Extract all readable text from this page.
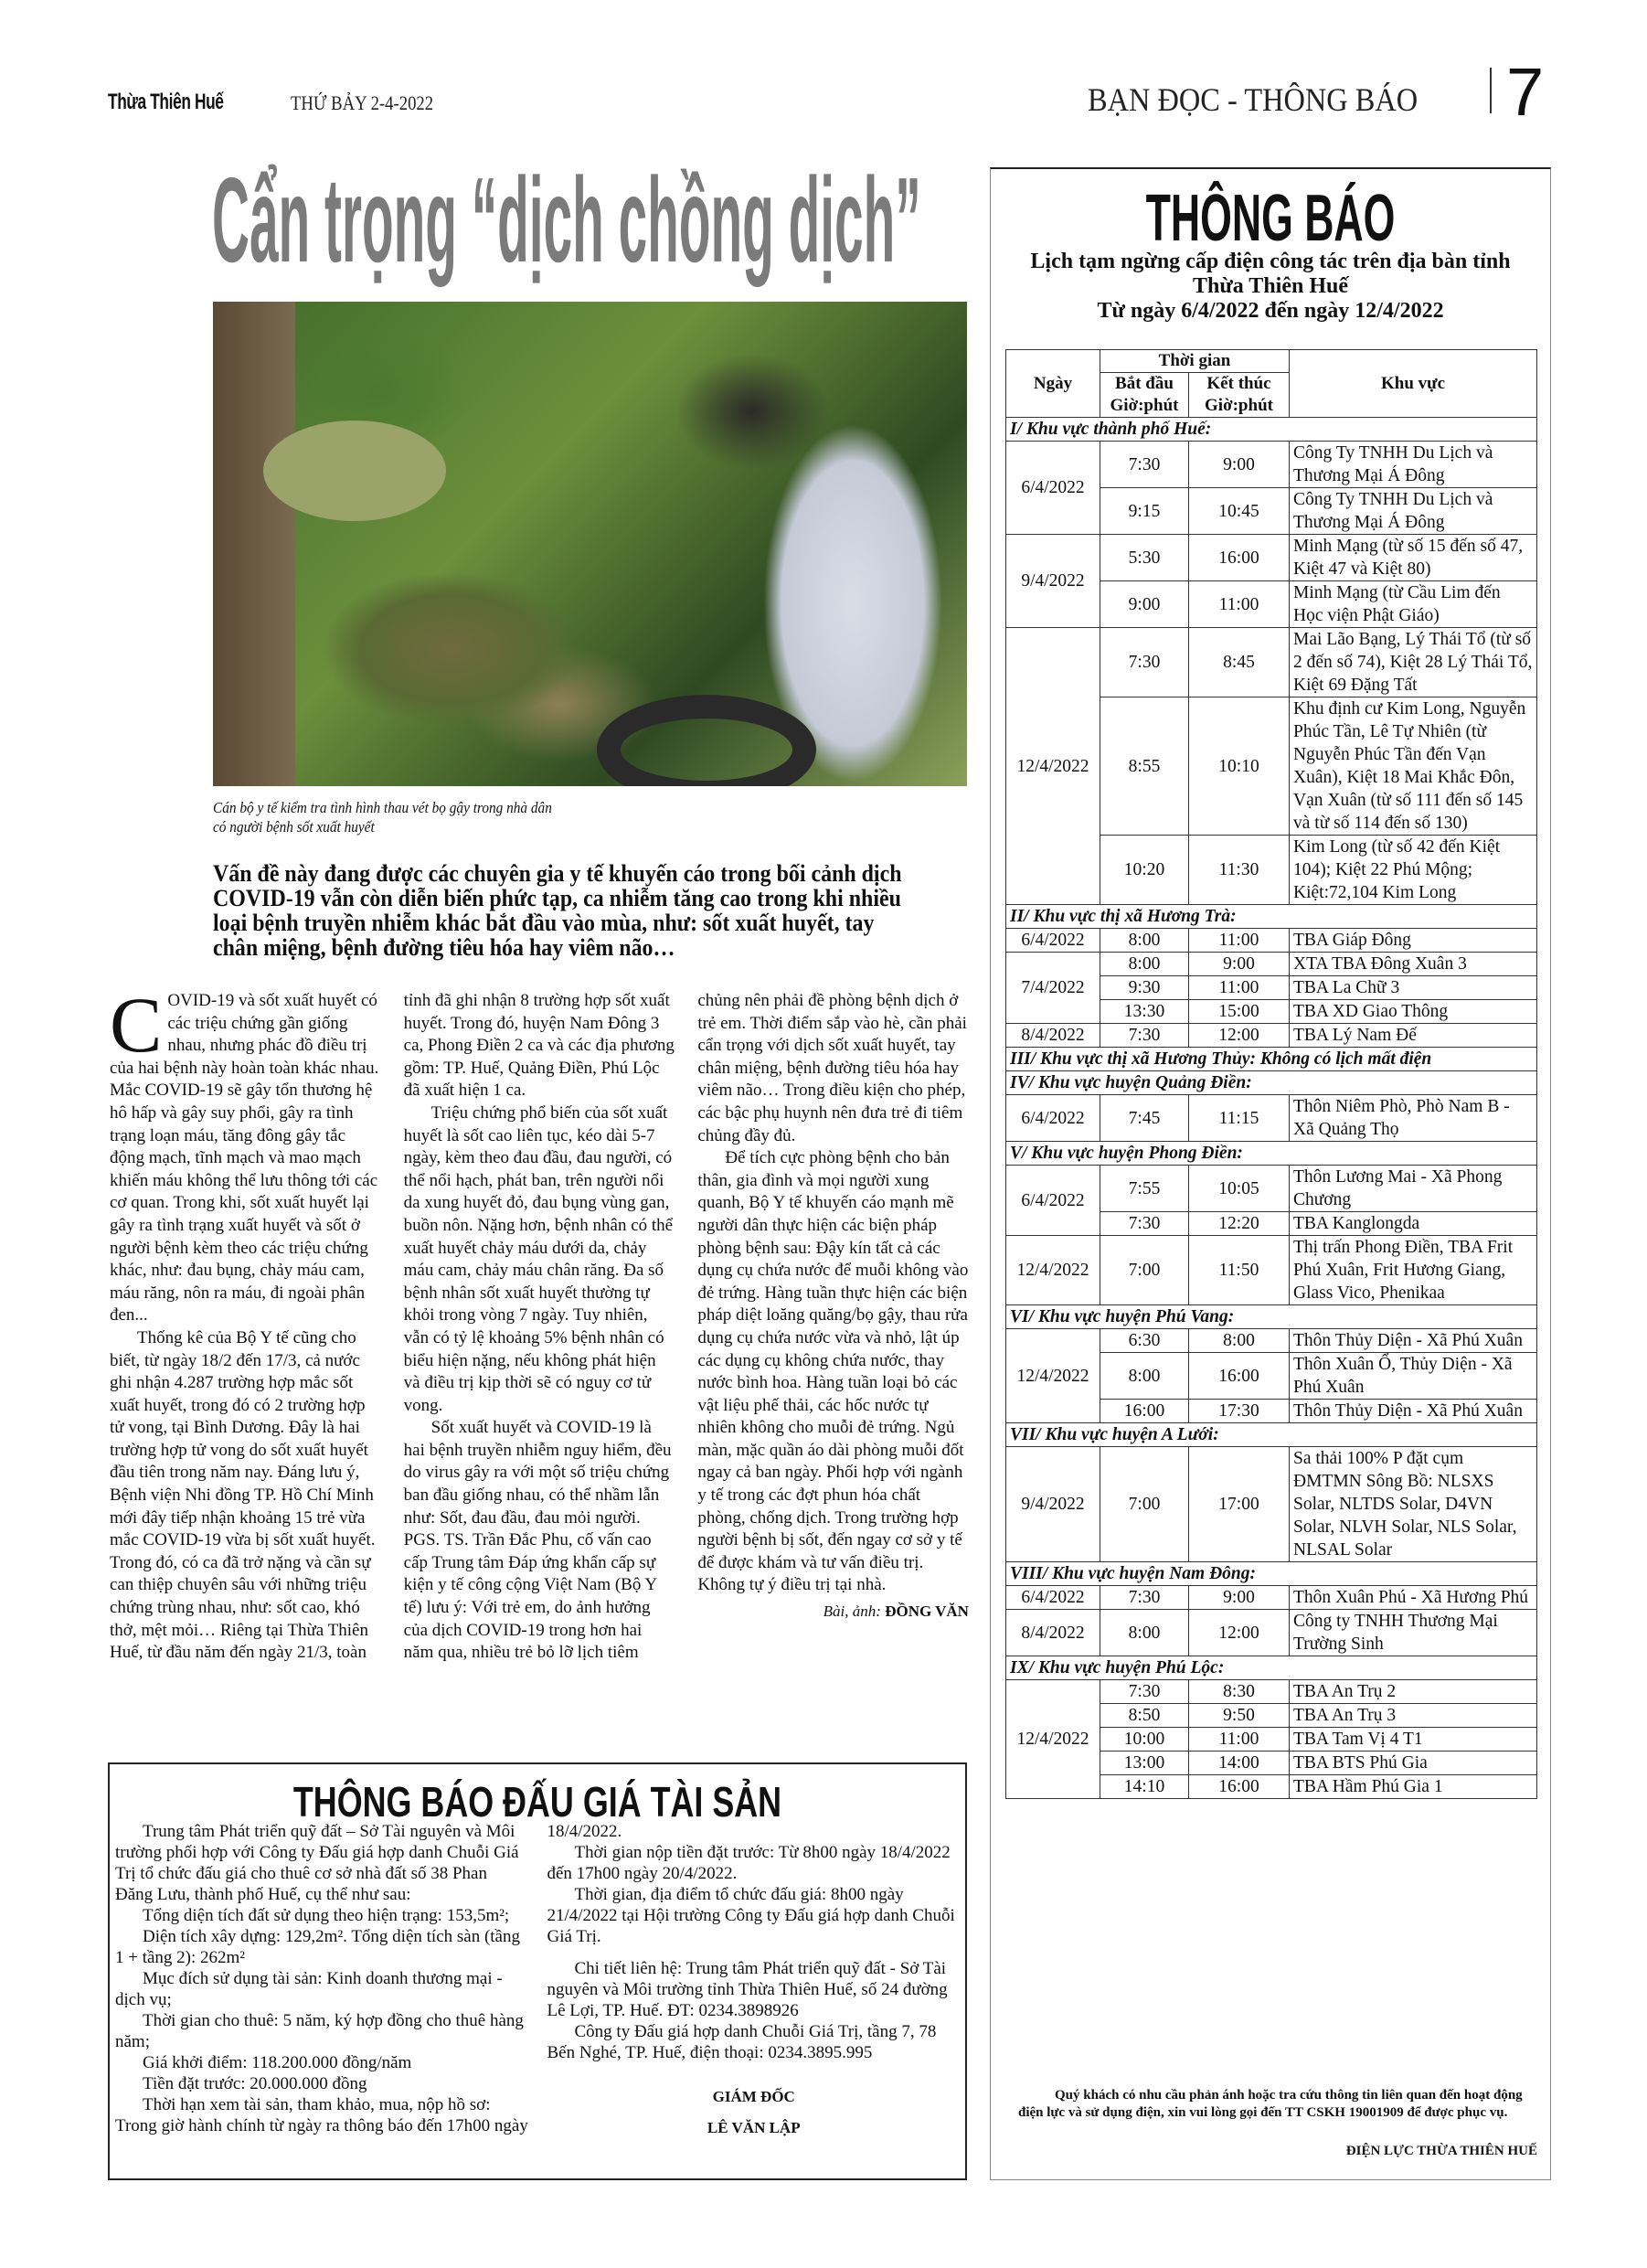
Thừa Thiên Huế	THỨ BẢY 2-4-2022	BẠN ĐỌC - THÔNG BÁO 7
Cẩn trọng “dịch chồng dịch”
Cán bộ y tế kiểm tra tình hình thau vét bọ gậy trong nhà dân
có người bệnh sốt xuất huyết
Vấn đề này đang được các chuyên gia y tế khuyến cáo trong bối cảnh dịch COVID-19 vẫn còn diễn biến phức tạp, ca nhiễm tăng cao trong khi nhiều loại bệnh truyền nhiễm khác bắt đầu vào mùa, như: sốt xuất huyết, tay chân miệng, bệnh đường tiêu hóa hay viêm não…

COVID-19 và sốt xuất huyết có các triệu chứng gần giống nhau, nhưng phác đồ điều trị của hai bệnh này hoàn toàn khác nhau. Mắc COVID-19 sẽ gây tổn thương hệ hô hấp và gây suy phổi, gây ra tình trạng loạn máu, tăng đông gây tắc động mạch, tĩnh mạch và mao mạch khiến máu không thể lưu thông tới các cơ quan. Trong khi, sốt xuất huyết lại gây ra tình trạng xuất huyết và sốt ở người bệnh kèm theo các triệu chứng khác, như: đau bụng, chảy máu cam, máu răng, nôn ra máu, đi ngoài phân đen...

Thống kê của Bộ Y tế cũng cho biết, từ ngày 18/2 đến 17/3, cả nước ghi nhận 4.287 trường hợp mắc sốt xuất huyết, trong đó có 2 trường hợp tử vong, tại Bình Dương. Đây là hai trường hợp tử vong do sốt xuất huyết đầu tiên trong năm nay. Đáng lưu ý, Bệnh viện Nhi đồng TP. Hồ Chí Minh mới đây tiếp nhận khoảng 15 trẻ vừa mắc COVID-19 vừa bị sốt xuất huyết. Trong đó, có ca đã trở nặng và cần sự can thiệp chuyên sâu với những triệu chứng trùng nhau, như: sốt cao, khó thở, mệt mỏi… Riêng tại Thừa Thiên Huế, từ đầu năm đến ngày 21/3, toàn tỉnh đã ghi nhận 8 trường hợp sốt xuất huyết. Trong đó, huyện Nam Đông 3 ca, Phong Điền 2 ca và các địa phương gồm: TP. Huế, Quảng Điền, Phú Lộc đã xuất hiện 1 ca.

Triệu chứng phổ biến của sốt xuất huyết là sốt cao liên tục, kéo dài 5-7 ngày, kèm theo đau đầu, đau người, có thể nổi hạch, phát ban, trên người nổi da xung huyết đỏ, đau bụng vùng gan, buồn nôn. Nặng hơn, bệnh nhân có thể xuất huyết chảy máu dưới da, chảy máu cam, chảy máu chân răng. Đa số bệnh nhân sốt xuất huyết thường tự khỏi trong vòng 7 ngày. Tuy nhiên, vẫn có tỷ lệ khoảng 5% bệnh nhân có biểu hiện nặng, nếu không phát hiện và điều trị kịp thời sẽ có nguy cơ tử vong.

Sốt xuất huyết và COVID-19 là hai bệnh truyền nhiễm nguy hiểm, đều do virus gây ra với một số triệu chứng ban đầu giống nhau, có thể nhầm lẫn như: Sốt, đau đầu, đau mỏi người. PGS. TS. Trần Đắc Phu, cố vấn cao cấp Trung tâm Đáp ứng khẩn cấp sự kiện y tế công cộng Việt Nam (Bộ Y tế) lưu ý: Với trẻ em, do ảnh hưởng của dịch COVID-19 trong hơn hai năm qua, nhiều trẻ bỏ lỡ lịch tiêm chủng nên phải đề phòng bệnh dịch ở trẻ em. Thời điểm sắp vào hè, cần phải cẩn trọng với dịch sốt xuất huyết, tay chân miệng, bệnh đường tiêu hóa hay viêm não… Trong điều kiện cho phép, các bậc phụ huynh nên đưa trẻ đi tiêm chủng đầy đủ.

Để tích cực phòng bệnh cho bản thân, gia đình và mọi người xung quanh, Bộ Y tế khuyến cáo mạnh mẽ người dân thực hiện các biện pháp phòng bệnh sau: Đậy kín tất cả các dụng cụ chứa nước để muỗi không vào đẻ trứng. Hàng tuần thực hiện các biện pháp diệt loăng quăng/bọ gậy, thau rửa dụng cụ chứa nước vừa và nhỏ, lật úp các dụng cụ không chứa nước, thay nước bình hoa. Hàng tuần loại bỏ các vật liệu phế thải, các hốc nước tự nhiên không cho muỗi đẻ trứng. Ngủ màn, mặc quần áo dài phòng muỗi đốt ngay cả ban ngày. Phối hợp với ngành y tế trong các đợt phun hóa chất phòng, chống dịch. Trong trường hợp người bệnh bị sốt, đến ngay cơ sở y tế để được khám và tư vấn điều trị. Không tự ý điều trị tại nhà.

Bài, ảnh: ĐỒNG VĂN
THÔNG BÁO ĐẤU GIÁ TÀI SẢN

Trung tâm Phát triển quỹ đất – Sở Tài nguyên và Môi trường phối hợp với Công ty Đấu giá hợp danh Chuỗi Giá Trị tổ chức đấu giá cho thuê cơ sở nhà đất số 38 Phan Đăng Lưu, thành phố Huế, cụ thể như sau:

Tổng diện tích đất sử dụng theo hiện trạng: 153,5m²;

Diện tích xây dựng: 129,2m². Tổng diện tích sàn (tầng 1 + tầng 2): 262m²

Mục đích sử dụng tài sản: Kinh doanh thương mại - dịch vụ;

Thời gian cho thuê: 5 năm, ký hợp đồng cho thuê hàng năm;

Giá khởi điểm: 118.200.000 đồng/năm

Tiền đặt trước: 20.000.000 đồng

Thời hạn xem tài sản, tham khảo, mua, nộp hồ sơ: Trong giờ hành chính từ ngày ra thông báo đến 17h00 ngày 18/4/2022.

Thời gian nộp tiền đặt trước: Từ 8h00 ngày 18/4/2022 đến 17h00 ngày 20/4/2022.

Thời gian, địa điểm tổ chức đấu giá: 8h00 ngày 21/4/2022 tại Hội trường Công ty Đấu giá hợp danh Chuỗi Giá Trị.

Chi tiết liên hệ: Trung tâm Phát triển quỹ đất - Sở Tài nguyên và Môi trường tỉnh Thừa Thiên Huế, số 24 đường Lê Lợi, TP. Huế. ĐT: 0234.3898926

Công ty Đấu giá hợp danh Chuỗi Giá Trị, tầng 7, 78 Bến Nghé, TP. Huế, điện thoại: 0234.3895.995

GIÁM ĐỐC
LÊ VĂN LẬP
THÔNG BÁO
Lịch tạm ngừng cấp điện công tác trên địa bàn tỉnh
Thừa Thiên Huế
Từ ngày 6/4/2022 đến ngày 12/4/2022
Ngày	Thời gian		Khu vực
	Bắt đầu Giờ:phút	Kết thúc Giờ:phút	
I/ Khu vực thành phố Huế:			
6/4/2022	7:30	9:00	Công Ty TNHH Du Lịch và Thương Mại Á Đông
	9:15	10:45	Công Ty TNHH Du Lịch và Thương Mại Á Đông
9/4/2022	5:30	16:00	Minh Mạng (từ số 15 đến số 47, Kiệt 47 và Kiệt 80)
	9:00	11:00	Minh Mạng (từ Cầu Lim đến Học viện Phật Giáo)
12/4/2022	7:30	8:45	Mai Lão Bạng, Lý Thái Tổ (từ số 2 đến số 74), Kiệt 28 Lý Thái Tổ, Kiệt 69 Đặng Tất
	8:55	10:10	Khu định cư Kim Long, Nguyễn Phúc Tần, Lê Tự Nhiên (từ Nguyễn Phúc Tần đến Vạn Xuân), Kiệt 18 Mai Khắc Đôn, Vạn Xuân (từ số 111 đến số 145 và từ số 114 đến số 130)
	10:20	11:30	Kim Long (từ số 42 đến Kiệt 104); Kiệt 22 Phú Mộng; Kiệt:72,104 Kim Long
II/ Khu vực thị xã Hương Trà:			
6/4/2022	8:00	11:00	TBA Giáp Đông
7/4/2022	8:00	9:00	XTA TBA Đông Xuân 3
	9:30	11:00	TBA La Chữ 3
	13:30	15:00	TBA XD Giao Thông
8/4/2022	7:30	12:00	TBA Lý Nam Đế
III/ Khu vực thị xã Hương Thủy: Không có lịch mất điện			
IV/ Khu vực huyện Quảng Điền:			
6/4/2022	7:45	11:15	Thôn Niêm Phò, Phò Nam B - Xã Quảng Thọ
V/ Khu vực huyện Phong Điền:			
6/4/2022	7:55	10:05	Thôn Lương Mai - Xã Phong Chương
	7:30	12:20	TBA Kanglongda
12/4/2022	7:00	11:50	Thị trấn Phong Điền, TBA Frit Phú Xuân, Frit Hương Giang, Glass Vico, Phenikaa
VI/ Khu vực huyện Phú Vang:			
12/4/2022	6:30	8:00	Thôn Thủy Diện - Xã Phú Xuân
	8:00	16:00	Thôn Xuân Ổ, Thủy Diện - Xã Phú Xuân
	16:00	17:30	Thôn Thủy Diện - Xã Phú Xuân
VII/ Khu vực huyện A Lưới:			
9/4/2022	7:00	17:00	Sa thải 100% P đặt cụm ĐMTMN Sông Bồ: NLSXS Solar, NLTDS Solar, D4VN Solar, NLVH Solar, NLS Solar, NLSAL Solar
VIII/ Khu vực huyện Nam Đông:			
6/4/2022	7:30	9:00	Thôn Xuân Phú - Xã Hương Phú
8/4/2022	8:00	12:00	Công ty TNHH Thương Mại Trường Sinh
IX/ Khu vực huyện Phú Lộc:			
12/4/2022	7:30	8:30	TBA An Trụ 2
	8:50	9:50	TBA An Trụ 3
	10:00	11:00	TBA Tam Vị 4 T1
	13:00	14:00	TBA BTS Phú Gia
	14:10	16:00	TBA Hầm Phú Gia 1
Quý khách có nhu cầu phản ánh hoặc tra cứu thông tin liên quan đến hoạt động điện lực và sử dụng điện, xin vui lòng gọi đến TT CSKH 19001909 để được phục vụ.
ĐIỆN LỰC THỪA THIÊN HUẾ
